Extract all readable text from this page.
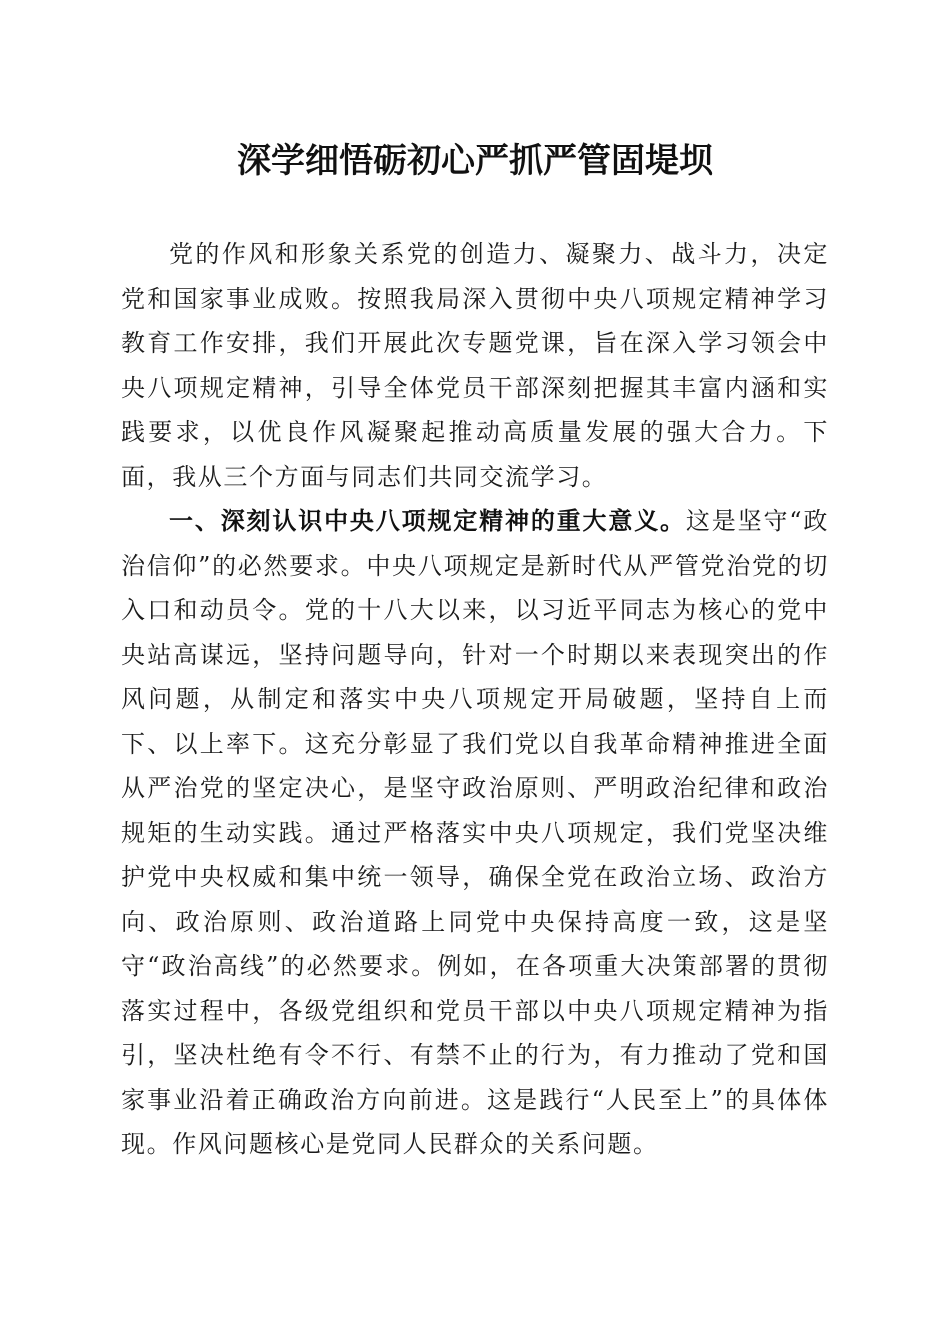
深学细悟砺初心严抓严管固堤坝

党的作风和形象关系党的创造力、凝聚力、战斗力，决定党和国家事业成败。按照我局深入贯彻中央八项规定精神学习教育工作安排，我们开展此次专题党课，旨在深入学习领会中央八项规定精神，引导全体党员干部深刻把握其丰富内涵和实践要求，以优良作风凝聚起推动高质量发展的强大合力。下面，我从三个方面与同志们共同交流学习。

一、深刻认识中央八项规定精神的重大意义。这是坚守“政治信仰”的必然要求。中央八项规定是新时代从严管党治党的切入口和动员令。党的十八大以来，以习近平同志为核心的党中央站高谋远，坚持问题导向，针对一个时期以来表现突出的作风问题，从制定和落实中央八项规定开局破题，坚持自上而下、以上率下。这充分彰显了我们党以自我革命精神推进全面从严治党的坚定决心，是坚守政治原则、严明政治纪律和政治规矩的生动实践。通过严格落实中央八项规定，我们党坚决维护党中央权威和集中统一领导，确保全党在政治立场、政治方向、政治原则、政治道路上同党中央保持高度一致，这是坚守“政治高线”的必然要求。例如，在各项重大决策部署的贯彻落实过程中，各级党组织和党员干部以中央八项规定精神为指引，坚决杜绝有令不行、有禁不止的行为，有力推动了党和国家事业沿着正确政治方向前进。这是践行“人民至上”的具体体现。作风问题核心是党同人民群众的关系问题。
